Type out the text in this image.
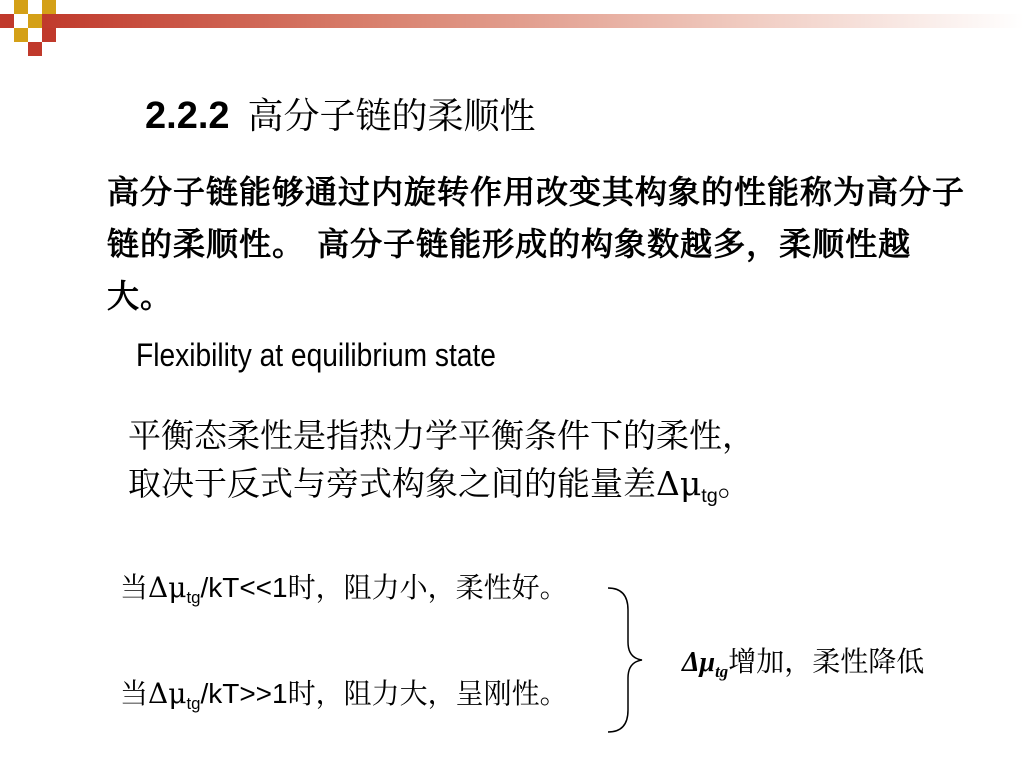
2.2.2 高分子链的柔顺性
高分子链能够通过内旋转作用改变其构象的性能称为高分子链的柔顺性。 高分子链能形成的构象数越多，柔顺性越大。
Flexibility at equilibrium state
平衡态柔性是指热力学平衡条件下的柔性，
取决于反式与旁式构象之间的能量差$\Delta\mu_{tg}$。
当$\Delta\mu_{tg}/kT<<1$时，阻力小，柔性好。
当$\Delta\mu_{tg}/kT>>1$时，阻力大，呈刚性。
$\Delta\mu_{tg}$增加，柔性降低
